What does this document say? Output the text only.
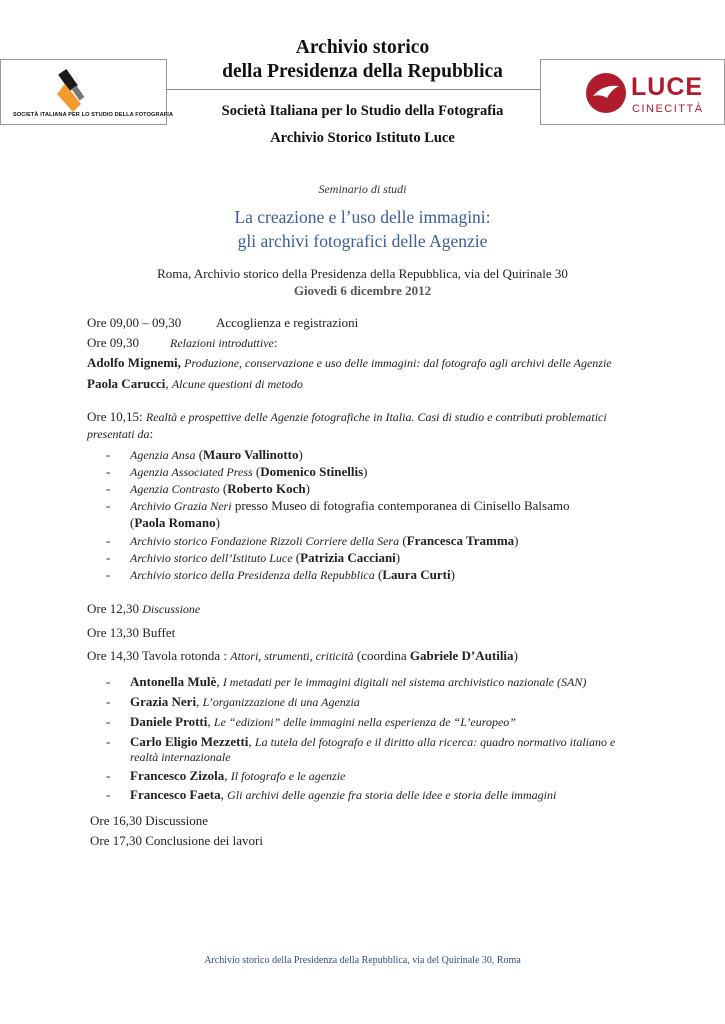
Archivio storico
della Presidenza della Repubblica
SOCIETÀ ITALIANA PER LO STUDIO DELLA FOTOGRAFIA
LUCE
CINECITTÀ
Società Italiana per lo Studio della Fotografia
Archivio Storico Istituto Luce
Seminario di studi
La creazione e l’uso delle immagini:
gli archivi fotografici delle Agenzie
Roma, Archivio storico della Presidenza della Repubblica, via del Quirinale 30
Giovedì 6 dicembre 2012
Ore 09,00 – 09,30	Accoglienza e registrazioni
Ore 09,30	Relazioni introduttive:
Adolfo Mignemi, Produzione, conservazione e uso delle immagini: dal fotografo agli archivi delle Agenzie
Paola Carucci, Alcune questioni di metodo
Ore 10,15: Realtà e prospettive delle Agenzie fotografiche in Italia. Casi di studio e contributi problematici
presentati da:
- Agenzia Ansa (Mauro Vallinotto)
- Agenzia Associated Press (Domenico Stinellis)
- Agenzia Contrasto (Roberto Koch)
- Archivio Grazia Neri presso Museo di fotografia contemporanea di Cinisello Balsamo
(Paola Romano)
- Archivio storico Fondazione Rizzoli Corriere della Sera (Francesca Tramma)
- Archivio storico dell’Istituto Luce (Patrizia Cacciani)
- Archivio storico della Presidenza della Repubblica (Laura Curti)
Ore 12,30 Discussione
Ore 13,30 Buffet
Ore 14,30 Tavola rotonda : Attori, strumenti, criticità (coordina Gabriele D’Autilia)
- Antonella Mulè, I metadati per le immagini digitali nel sistema archivistico nazionale (SAN)
- Grazia Neri, L’organizzazione di una Agenzia
- Daniele Protti, Le “edizioni” delle immagini nella esperienza de “L’europeo”
- Carlo Eligio Mezzetti, La tutela del fotografo e il diritto alla ricerca: quadro normativo italiano e
realtà internazionale
- Francesco Zizola, Il fotografo e le agenzie
- Francesco Faeta, Gli archivi delle agenzie fra storia delle idee e storia delle immagini
Ore 16,30 Discussione
Ore 17,30 Conclusione dei lavori
Archivio storico della Presidenza della Repubblica, via del Quirinale 30, Roma
